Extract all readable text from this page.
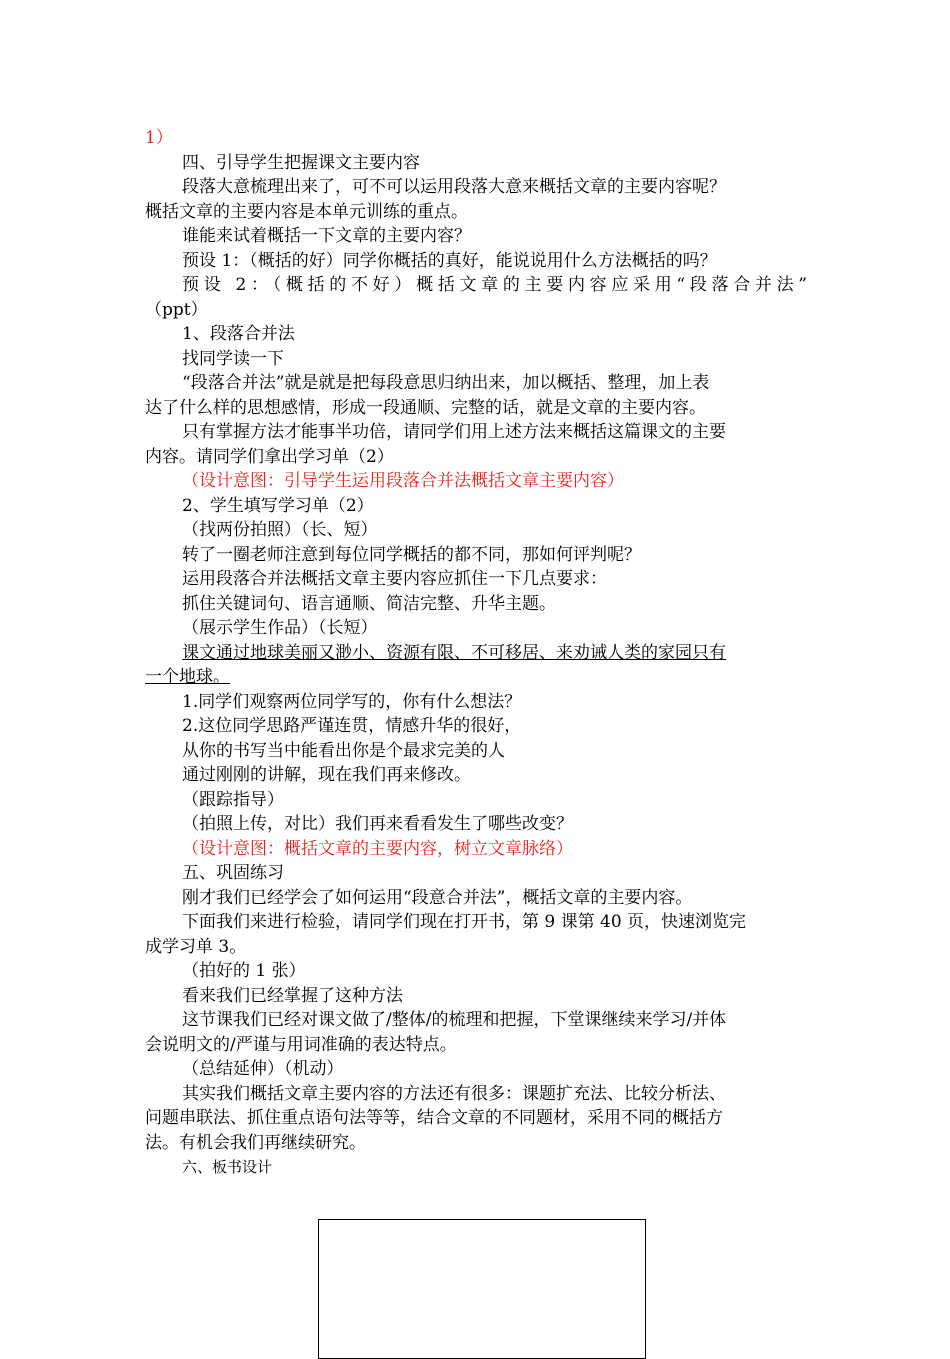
1）

四、引导学生把握课文主要内容

段落大意梳理出来了，可不可以运用段落大意来概括文章的主要内容呢？

概括文章的主要内容是本单元训练的重点。

谁能来试着概括一下文章的主要内容？

预设 1：（概括的好）同学你概括的真好，能说说用什么方法概括的吗？

预设 2：（概括的不好）概括文章的主要内容应采用“段落合并法”

（ppt）

1、段落合并法

找同学读一下

“段落合并法”就是就是把每段意思归纳出来，加以概括、整理，加上表

达了什么样的思想感情，形成一段通顺、完整的话，就是文章的主要内容。

只有掌握方法才能事半功倍，请同学们用上述方法来概括这篇课文的主要

内容。请同学们拿出学习单（2）

（设计意图：引导学生运用段落合并法概括文章主要内容）

2、学生填写学习单（2）

（找两份拍照）（长、短）

转了一圈老师注意到每位同学概括的都不同，那如何评判呢？

运用段落合并法概括文章主要内容应抓住一下几点要求：

抓住关键词句、语言通顺、简洁完整、升华主题。

（展示学生作品）（长短）

课文通过地球美丽又渺小、资源有限、不可移居、来劝诫人类的家园只有

一个地球。

1.同学们观察两位同学写的，你有什么想法？

2.这位同学思路严谨连贯，情感升华的很好，

从你的书写当中能看出你是个最求完美的人

通过刚刚的讲解，现在我们再来修改。

（跟踪指导）

（拍照上传，对比）我们再来看看发生了哪些改变？

（设计意图：概括文章的主要内容，树立文章脉络）

五、巩固练习

刚才我们已经学会了如何运用“段意合并法”，概括文章的主要内容。

下面我们来进行检验，请同学们现在打开书，第 9 课第 40 页，快速浏览完

成学习单 3。

（拍好的 1 张）

看来我们已经掌握了这种方法

这节课我们已经对课文做了/整体/的梳理和把握，下堂课继续来学习/并体

会说明文的/严谨与用词准确的表达特点。

（总结延伸）（机动）

其实我们概括文章主要内容的方法还有很多：课题扩充法、比较分析法、

问题串联法、抓住重点语句法等等，结合文章的不同题材，采用不同的概括方

法。有机会我们再继续研究。

六、板书设计
